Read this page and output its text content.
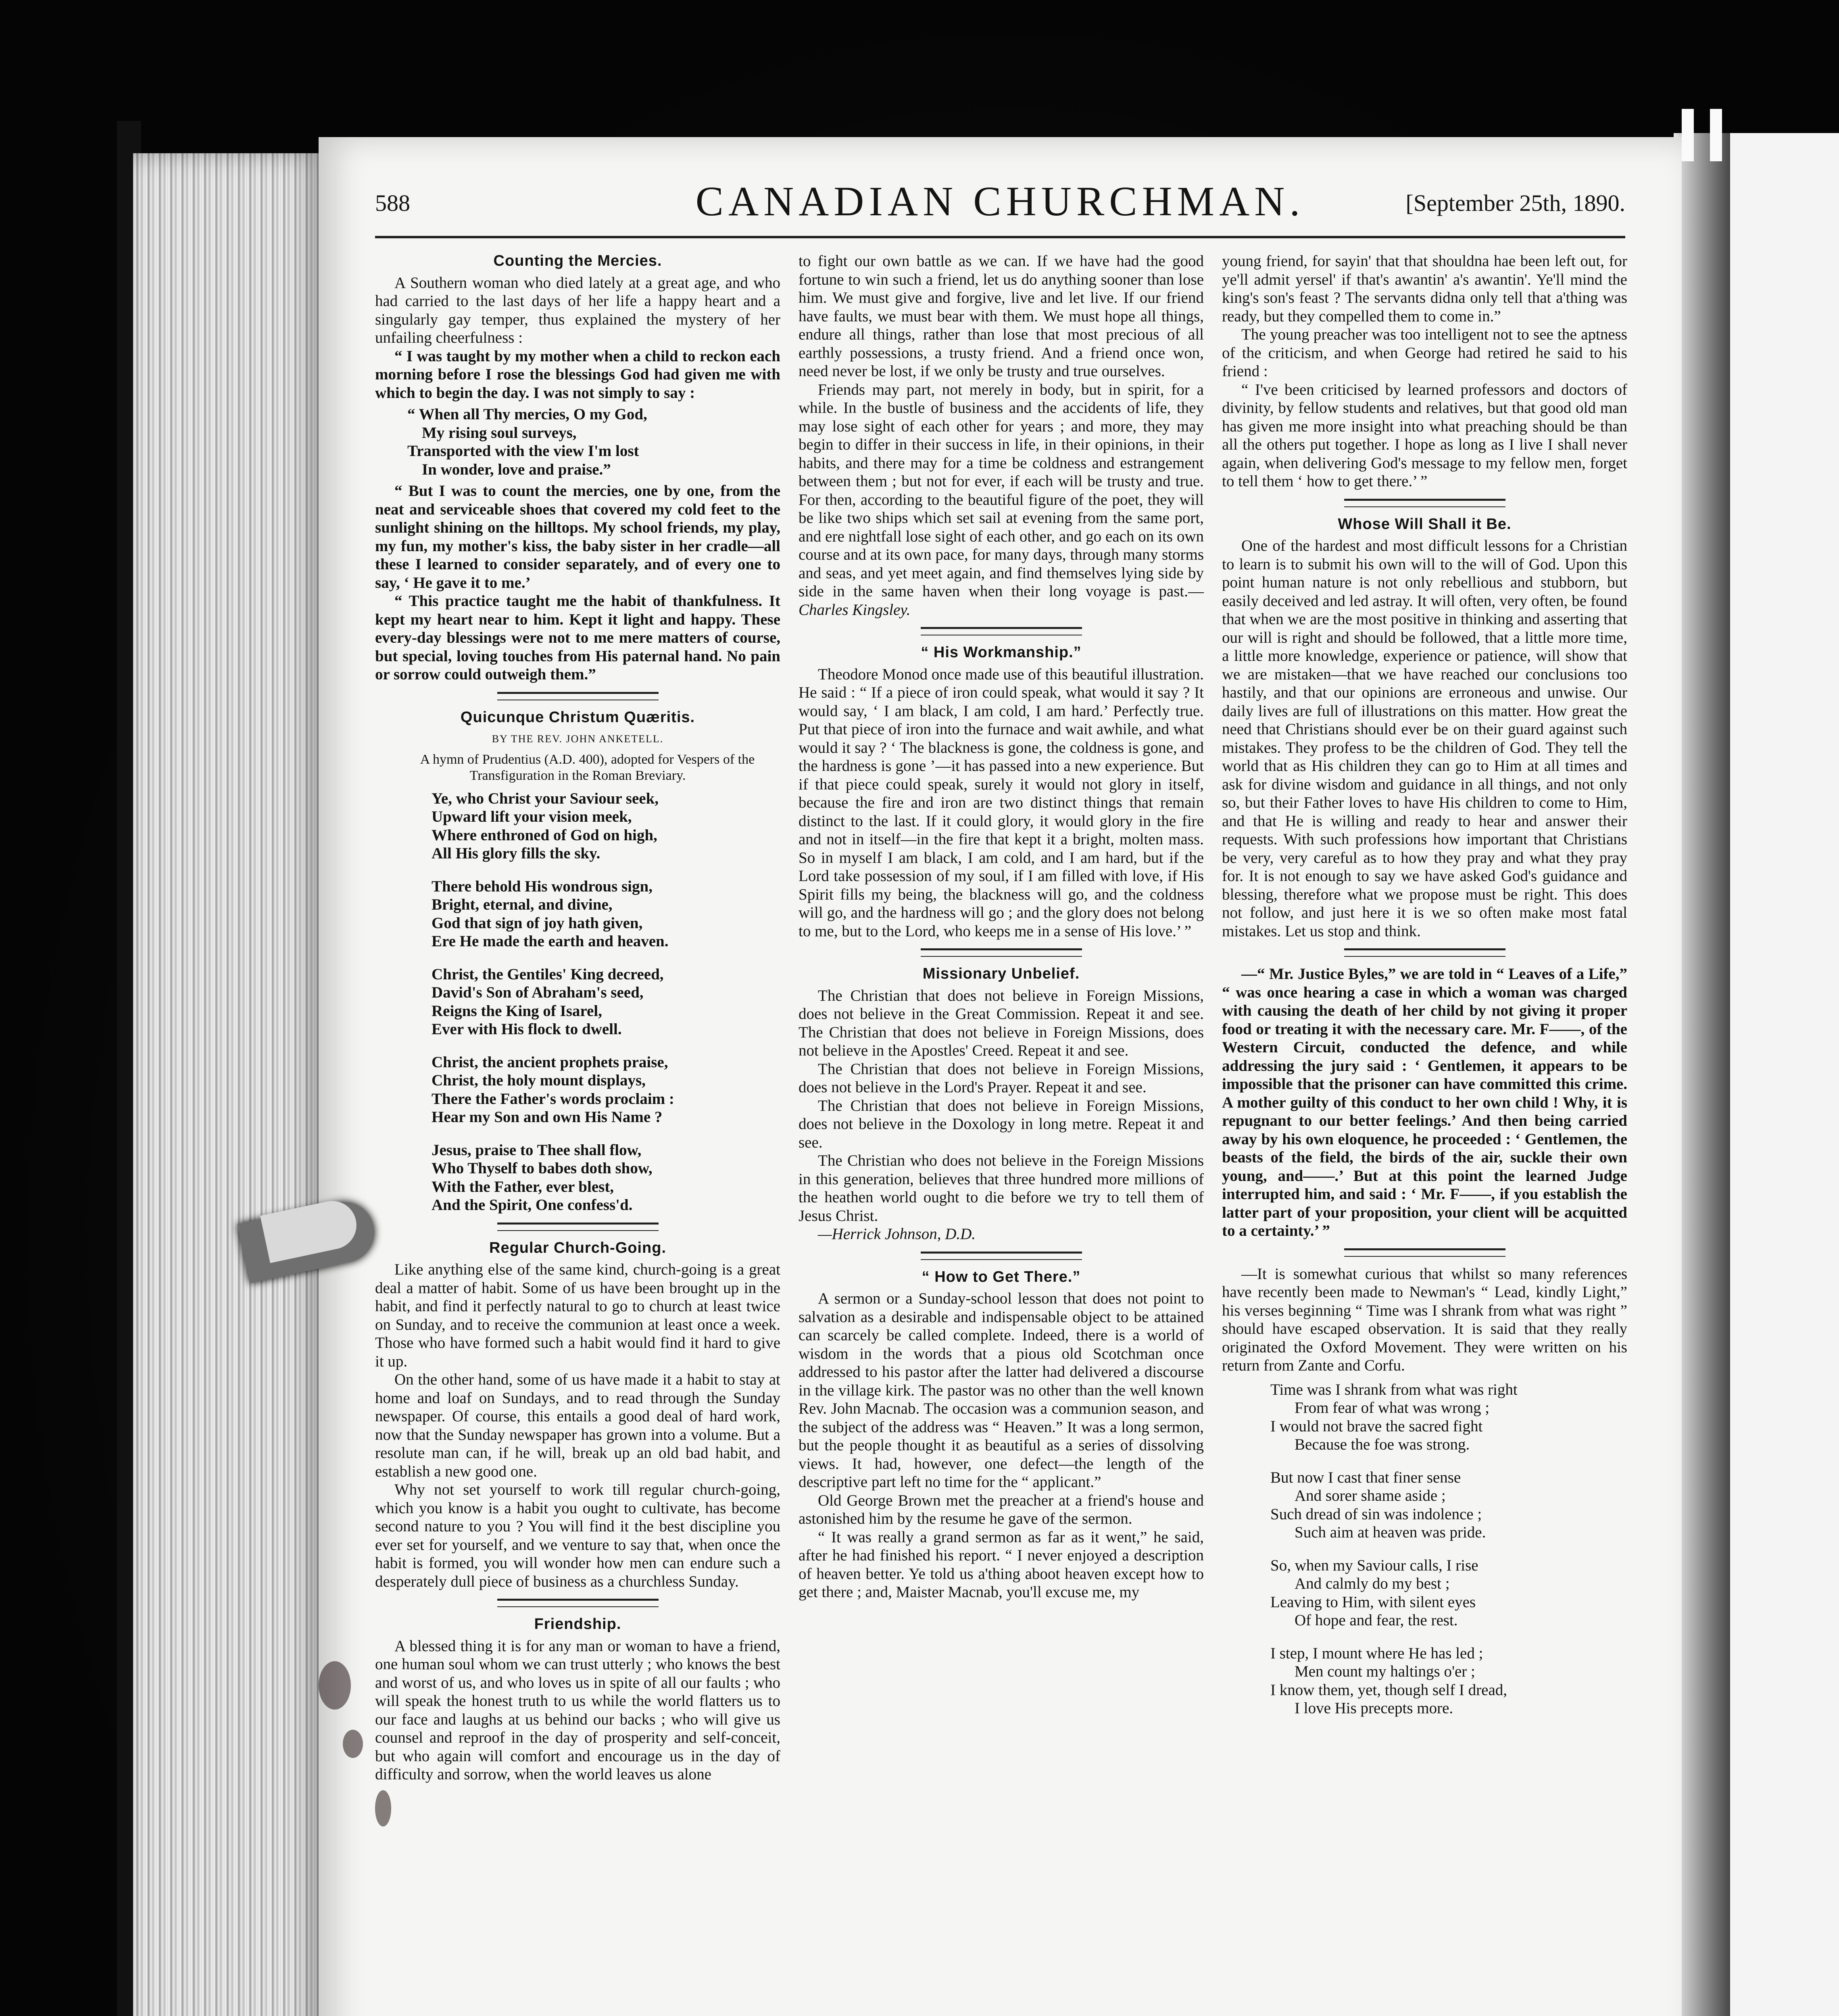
588	CANADIAN CHURCHMAN.	[September 25th, 1890.
Counting the Mercies.

A Southern woman who died lately at a great age, and who had carried to the last days of her life a happy heart and a singularly gay temper, thus explained the mystery of her unfailing cheerfulness :

“ I was taught by my mother when a child to reckon each morning before I rose the blessings God had given me with which to begin the day. I was not simply to say :

“ When all Thy mercies, O my God,
My rising soul surveys,
Transported with the view I'm lost
In wonder, love and praise.”

“ But I was to count the mercies, one by one, from the neat and serviceable shoes that covered my cold feet to the sunlight shining on the hilltops. My school friends, my play, my fun, my mother's kiss, the baby sister in her cradle—all these I learned to consider separately, and of every one to say, ‘ He gave it to me.’

“ This practice taught me the habit of thankfulness. It kept my heart near to him. Kept it light and happy. These every-day blessings were not to me mere matters of course, but special, loving touches from His paternal hand. No pain or sorrow could outweigh them.”

Quicunque Christum Quæritis.
BY THE REV. JOHN ANKETELL.

A hymn of Prudentius (A.D. 400), adopted for Vespers of the Transfiguration in the Roman Breviary.

Ye, who Christ your Saviour seek,
Upward lift your vision meek,
Where enthroned of God on high,
All His glory fills the sky.
There behold His wondrous sign,
Bright, eternal, and divine,
God that sign of joy hath given,
Ere He made the earth and heaven.
Christ, the Gentiles' King decreed,
David's Son of Abraham's seed,
Reigns the King of Isarel,
Ever with His flock to dwell.
Christ, the ancient prophets praise,
Christ, the holy mount displays,
There the Father's words proclaim :
Hear my Son and own His Name ?
Jesus, praise to Thee shall flow,
Who Thyself to babes doth show,
With the Father, ever blest,
And the Spirit, One confess'd.
Regular Church-Going.

Like anything else of the same kind, church-going is a great deal a matter of habit. Some of us have been brought up in the habit, and find it perfectly natural to go to church at least twice on Sunday, and to receive the communion at least once a week. Those who have formed such a habit would find it hard to give it up.

On the other hand, some of us have made it a habit to stay at home and loaf on Sundays, and to read through the Sunday newspaper. Of course, this entails a good deal of hard work, now that the Sunday newspaper has grown into a volume. But a resolute man can, if he will, break up an old bad habit, and establish a new good one.

Why not set yourself to work till regular church-going, which you know is a habit you ought to cultivate, has become second nature to you ? You will find it the best discipline you ever set for yourself, and we venture to say that, when once the habit is formed, you will wonder how men can endure such a desperately dull piece of business as a churchless Sunday.

Friendship.

A blessed thing it is for any man or woman to have a friend, one human soul whom we can trust utterly ; who knows the best and worst of us, and who loves us in spite of all our faults ; who will speak the honest truth to us while the world flatters us to our face and laughs at us behind our backs ; who will give us counsel and reproof in the day of prosperity and self-conceit, but who again will comfort and encourage us in the day of difficulty and sorrow, when the world leaves us alone

to fight our own battle as we can. If we have had the good fortune to win such a friend, let us do anything sooner than lose him. We must give and forgive, live and let live. If our friend have faults, we must bear with them. We must hope all things, endure all things, rather than lose that most precious of all earthly possessions, a trusty friend. And a friend once won, need never be lost, if we only be trusty and true ourselves.

Friends may part, not merely in body, but in spirit, for a while. In the bustle of business and the accidents of life, they may lose sight of each other for years ; and more, they may begin to differ in their success in life, in their opinions, in their habits, and there may for a time be coldness and estrangement between them ; but not for ever, if each will be trusty and true. For then, according to the beautiful figure of the poet, they will be like two ships which set sail at evening from the same port, and ere nightfall lose sight of each other, and go each on its own course and at its own pace, for many days, through many storms and seas, and yet meet again, and find themselves lying side by side in the same haven when their long voyage is past.—Charles Kingsley.

“ His Workmanship.”

Theodore Monod once made use of this beautiful illustration. He said : “ If a piece of iron could speak, what would it say ? It would say, ‘ I am black, I am cold, I am hard.’ Perfectly true. Put that piece of iron into the furnace and wait awhile, and what would it say ? ‘ The blackness is gone, the coldness is gone, and the hardness is gone ’—it has passed into a new experience. But if that piece could speak, surely it would not glory in itself, because the fire and iron are two distinct things that remain distinct to the last. If it could glory, it would glory in the fire and not in itself—in the fire that kept it a bright, molten mass. So in myself I am black, I am cold, and I am hard, but if the Lord take possession of my soul, if I am filled with love, if His Spirit fills my being, the blackness will go, and the coldness will go, and the hardness will go ; and the glory does not belong to me, but to the Lord, who keeps me in a sense of His love.’ ”

Missionary Unbelief.

The Christian that does not believe in Foreign Missions, does not believe in the Great Commission. Repeat it and see. The Christian that does not believe in Foreign Missions, does not believe in the Apostles' Creed. Repeat it and see.

The Christian that does not believe in Foreign Missions, does not believe in the Lord's Prayer. Repeat it and see.

The Christian that does not believe in Foreign Missions, does not believe in the Doxology in long metre. Repeat it and see.

The Christian who does not believe in the Foreign Missions in this generation, believes that three hundred more millions of the heathen world ought to die before we try to tell them of Jesus Christ.

—Herrick Johnson, D.D.

“ How to Get There.”

A sermon or a Sunday-school lesson that does not point to salvation as a desirable and indispensable object to be attained can scarcely be called complete. Indeed, there is a world of wisdom in the words that a pious old Scotchman once addressed to his pastor after the latter had delivered a discourse in the village kirk. The pastor was no other than the well known Rev. John Macnab. The occasion was a communion season, and the subject of the address was “ Heaven.” It was a long sermon, but the people thought it as beautiful as a series of dissolving views. It had, however, one defect—the length of the descriptive part left no time for the “ applicant.”

Old George Brown met the preacher at a friend's house and astonished him by the resume he gave of the sermon.

“ It was really a grand sermon as far as it went,” he said, after he had finished his report. “ I never enjoyed a description of heaven better. Ye told us a'thing aboot heaven except how to get there ; and, Maister Macnab, you'll excuse me, my

young friend, for sayin' that that shouldna hae been left out, for ye'll admit yersel' if that's awantin' a's awantin'. Ye'll mind the king's son's feast ? The servants didna only tell that a'thing was ready, but they compelled them to come in.”

The young preacher was too intelligent not to see the aptness of the criticism, and when George had retired he said to his friend :

“ I've been criticised by learned professors and doctors of divinity, by fellow students and relatives, but that good old man has given me more insight into what preaching should be than all the others put together. I hope as long as I live I shall never again, when delivering God's message to my fellow men, forget to tell them ‘ how to get there.’ ”

Whose Will Shall it Be.

One of the hardest and most difficult lessons for a Christian to learn is to submit his own will to the will of God. Upon this point human nature is not only rebellious and stubborn, but easily deceived and led astray. It will often, very often, be found that when we are the most positive in thinking and asserting that our will is right and should be followed, that a little more time, a little more knowledge, experience or patience, will show that we are mistaken—that we have reached our conclusions too hastily, and that our opinions are erroneous and unwise. Our daily lives are full of illustrations on this matter. How great the need that Christians should ever be on their guard against such mistakes. They profess to be the children of God. They tell the world that as His children they can go to Him at all times and ask for divine wisdom and guidance in all things, and not only so, but their Father loves to have His children to come to Him, and that He is willing and ready to hear and answer their requests. With such professions how important that Christians be very, very careful as to how they pray and what they pray for. It is not enough to say we have asked God's guidance and blessing, therefore what we propose must be right. This does not follow, and just here it is we so often make most fatal mistakes. Let us stop and think.

—“ Mr. Justice Byles,” we are told in “ Leaves of a Life,” “ was once hearing a case in which a woman was charged with causing the death of her child by not giving it proper food or treating it with the necessary care. Mr. F——, of the Western Circuit, conducted the defence, and while addressing the jury said : ‘ Gentlemen, it appears to be impossible that the prisoner can have committed this crime. A mother guilty of this conduct to her own child ! Why, it is repugnant to our better feelings.’ And then being carried away by his own eloquence, he proceeded : ‘ Gentlemen, the beasts of the field, the birds of the air, suckle their own young, and——.’ But at this point the learned Judge interrupted him, and said : ‘ Mr. F——, if you establish the latter part of your proposition, your client will be acquitted to a certainty.’ ”

—It is somewhat curious that whilst so many references have recently been made to Newman's “ Lead, kindly Light,” his verses beginning “ Time was I shrank from what was right ” should have escaped observation. It is said that they really originated the Oxford Movement. They were written on his return from Zante and Corfu.

Time was I shrank from what was right
From fear of what was wrong ;
I would not brave the sacred fight
Because the foe was strong.
But now I cast that finer sense
And sorer shame aside ;
Such dread of sin was indolence ;
Such aim at heaven was pride.
So, when my Saviour calls, I rise
And calmly do my best ;
Leaving to Him, with silent eyes
Of hope and fear, the rest.
I step, I mount where He has led ;
Men count my haltings o'er ;
I know them, yet, though self I dread,
I love His precepts more.
